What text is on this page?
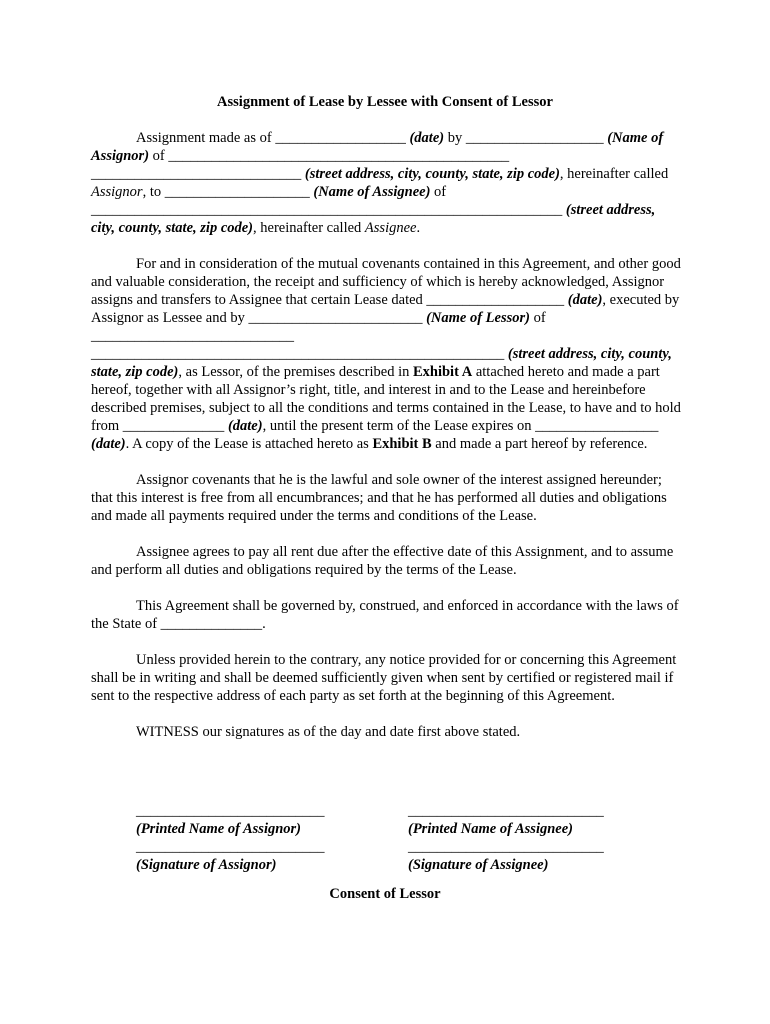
Assignment of Lease by Lessee with Consent of Lessor

Assignment made as of __________________ (date) by ___________________ (Name of Assignor) of _______________________________________________ _____________________________ (street address, city, county, state, zip code), hereinafter called Assignor, to ____________________ (Name of Assignee) of _________________________________________________________________ (street address, city, county, state, zip code), hereinafter called Assignee.

For and in consideration of the mutual covenants contained in this Agreement, and other good and valuable consideration, the receipt and sufficiency of which is hereby acknowledged, Assignor assigns and transfers to Assignee that certain Lease dated ___________________ (date), executed by Assignor as Lessee and by ________________________ (Name of Lessor) of ____________________________ _________________________________________________________ (street address, city, county, state, zip code), as Lessor, of the premises described in Exhibit A attached hereto and made a part hereof, together with all Assignor’s right, title, and interest in and to the Lease and hereinbefore described premises, subject to all the conditions and terms contained in the Lease, to have and to hold from ______________ (date), until the present term of the Lease expires on _________________ (date). A copy of the Lease is attached hereto as Exhibit B and made a part hereof by reference.

Assignor covenants that he is the lawful and sole owner of the interest assigned hereunder; that this interest is free from all encumbrances; and that he has performed all duties and obligations and made all payments required under the terms and conditions of the Lease.

Assignee agrees to pay all rent due after the effective date of this Assignment, and to assume and perform all duties and obligations required by the terms of the Lease.

This Agreement shall be governed by, construed, and enforced in accordance with the laws of the State of ______________.

Unless provided herein to the contrary, any notice provided for or concerning this Agreement shall be in writing and shall be deemed sufficiently given when sent by certified or registered mail if sent to the respective address of each party as set forth at the beginning of this Agreement.

WITNESS our signatures as of the day and date first above stated.

__________________________
(Printed Name of Assignor)
___________________________
(Printed Name of Assignee)
__________________________
(Signature of Assignor)
___________________________
(Signature of Assignee)
Consent of Lessor
